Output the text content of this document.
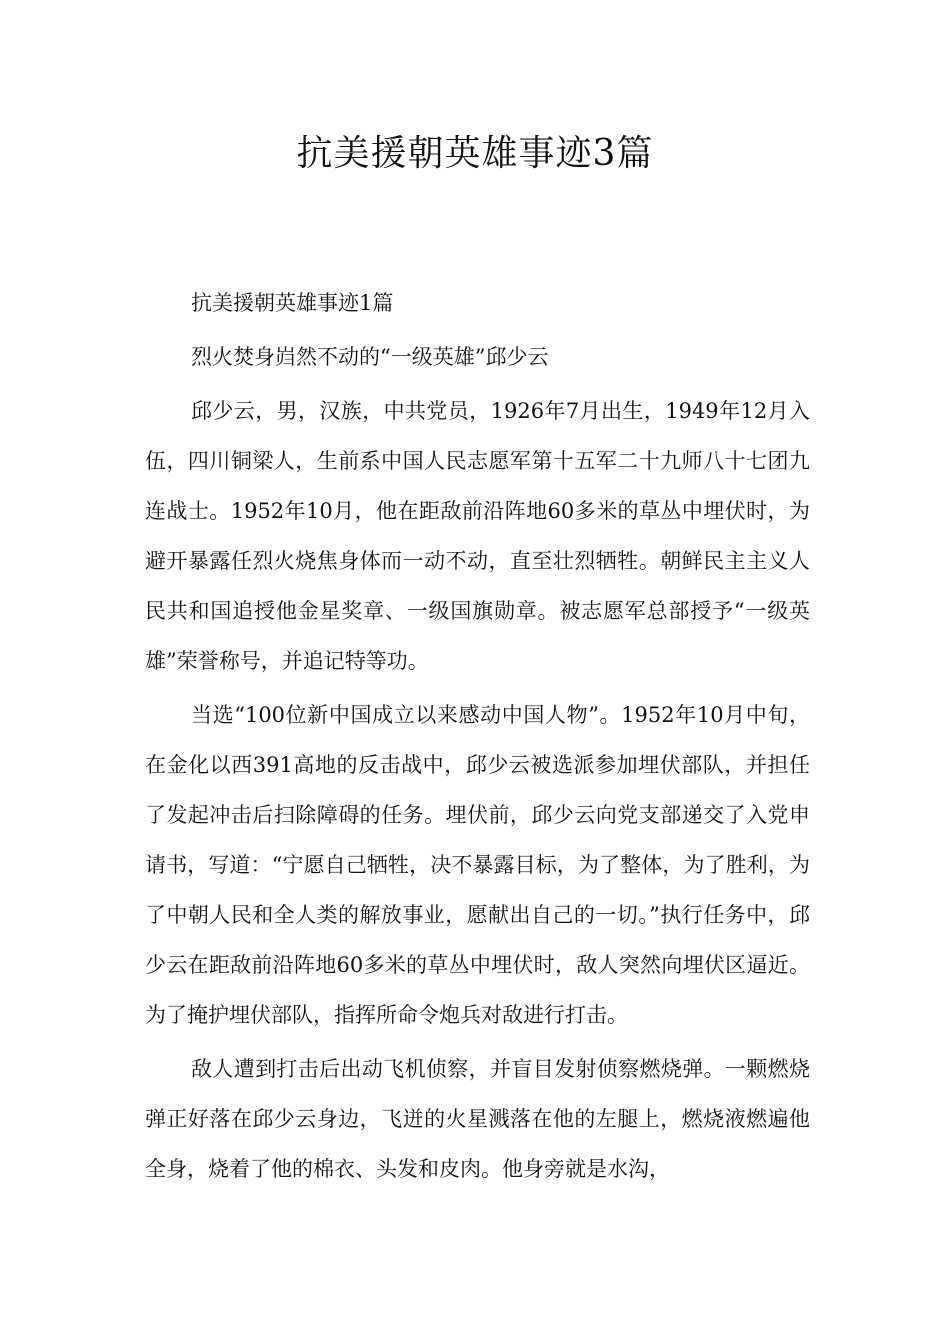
抗美援朝英雄事迹3篇

抗美援朝英雄事迹1篇

烈火焚身岿然不动的“一级英雄”邱少云

邱少云，男，汉族，中共党员，1926年7月出生，1949年12月入伍，四川铜梁人，生前系中国人民志愿军第十五军二十九师八十七团九连战士。1952年10月，他在距敌前沿阵地60多米的草丛中埋伏时，为避开暴露任烈火烧焦身体而一动不动，直至壮烈牺牲。朝鲜民主主义人民共和国追授他金星奖章、一级国旗勋章。被志愿军总部授予“一级英雄”荣誉称号，并追记特等功。

当选“100位新中国成立以来感动中国人物”。1952年10月中旬，在金化以西391高地的反击战中，邱少云被选派参加埋伏部队，并担任了发起冲击后扫除障碍的任务。埋伏前，邱少云向党支部递交了入党申请书，写道：“宁愿自己牺牲，决不暴露目标，为了整体，为了胜利，为了中朝人民和全人类的解放事业，愿献出自己的一切。”执行任务中，邱少云在距敌前沿阵地60多米的草丛中埋伏时，敌人突然向埋伏区逼近。为了掩护埋伏部队，指挥所命令炮兵对敌进行打击。

敌人遭到打击后出动飞机侦察，并盲目发射侦察燃烧弹。一颗燃烧弹正好落在邱少云身边，飞迸的火星溅落在他的左腿上，燃烧液燃遍他全身，烧着了他的棉衣、头发和皮肉。他身旁就是水沟，
